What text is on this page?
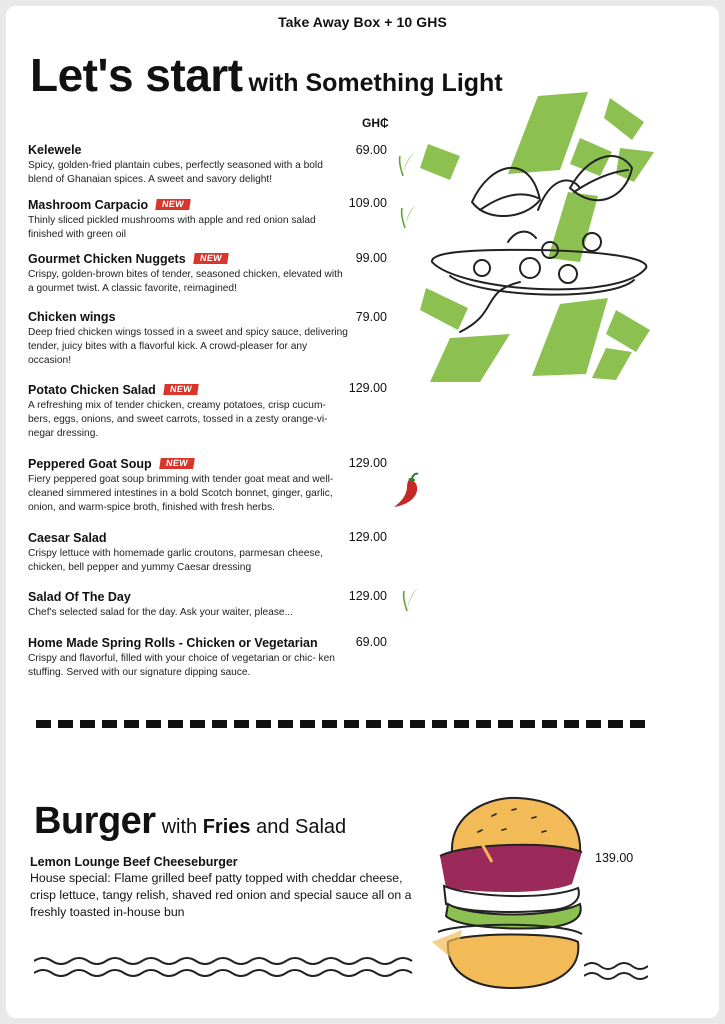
Take Away Box + 10 GHS
Let's start with Something Light
GH₵
Kelewele
Spicy, golden-fried plantain cubes, perfectly seasoned with a bold blend of Ghanaian spices. A sweet and savory delight!
69.00
Mashroom Carpacio NEW
Thinly sliced pickled mushrooms with apple and red onion salad finished with green oil
109.00
Gourmet Chicken Nuggets NEW
Crispy, golden-brown bites of tender, seasoned chicken, elevated with a gourmet twist. A classic favorite, reimagined!
99.00
Chicken wings
Deep fried chicken wings tossed in a sweet and spicy sauce, delivering tender, juicy bites with a flavorful kick. A crowd-pleaser for any occasion!
79.00
Potato Chicken Salad NEW
A refreshing mix of tender chicken, creamy potatoes, crisp cucum- bers, eggs, onions, and sweet carrots, tossed in a zesty orange-vi- negar dressing.
129.00
Peppered Goat Soup NEW
Fiery peppered goat soup brimming with tender goat meat and well-cleaned simmered intestines in a bold Scotch bonnet, ginger, garlic, onion, and warm-spice broth, finished with fresh herbs.
129.00
Caesar Salad
Crispy lettuce with homemade garlic croutons, parmesan cheese, chicken, bell pepper and yummy Caesar dressing
129.00
Salad Of The Day
Chef's selected salad for the day. Ask your waiter, please...
129.00
Home Made Spring Rolls - Chicken or Vegetarian
Crispy and flavorful, filled with your choice of vegetarian or chic- ken stuffing. Served with our signature dipping sauce.
69.00
Burger with Fries and Salad
Lemon Lounge Beef Cheeseburger
House special: Flame grilled beef patty topped with cheddar cheese, crisp lettuce, tangy relish, shaved red onion and special sauce all on a freshly toasted in-house bun
139.00
